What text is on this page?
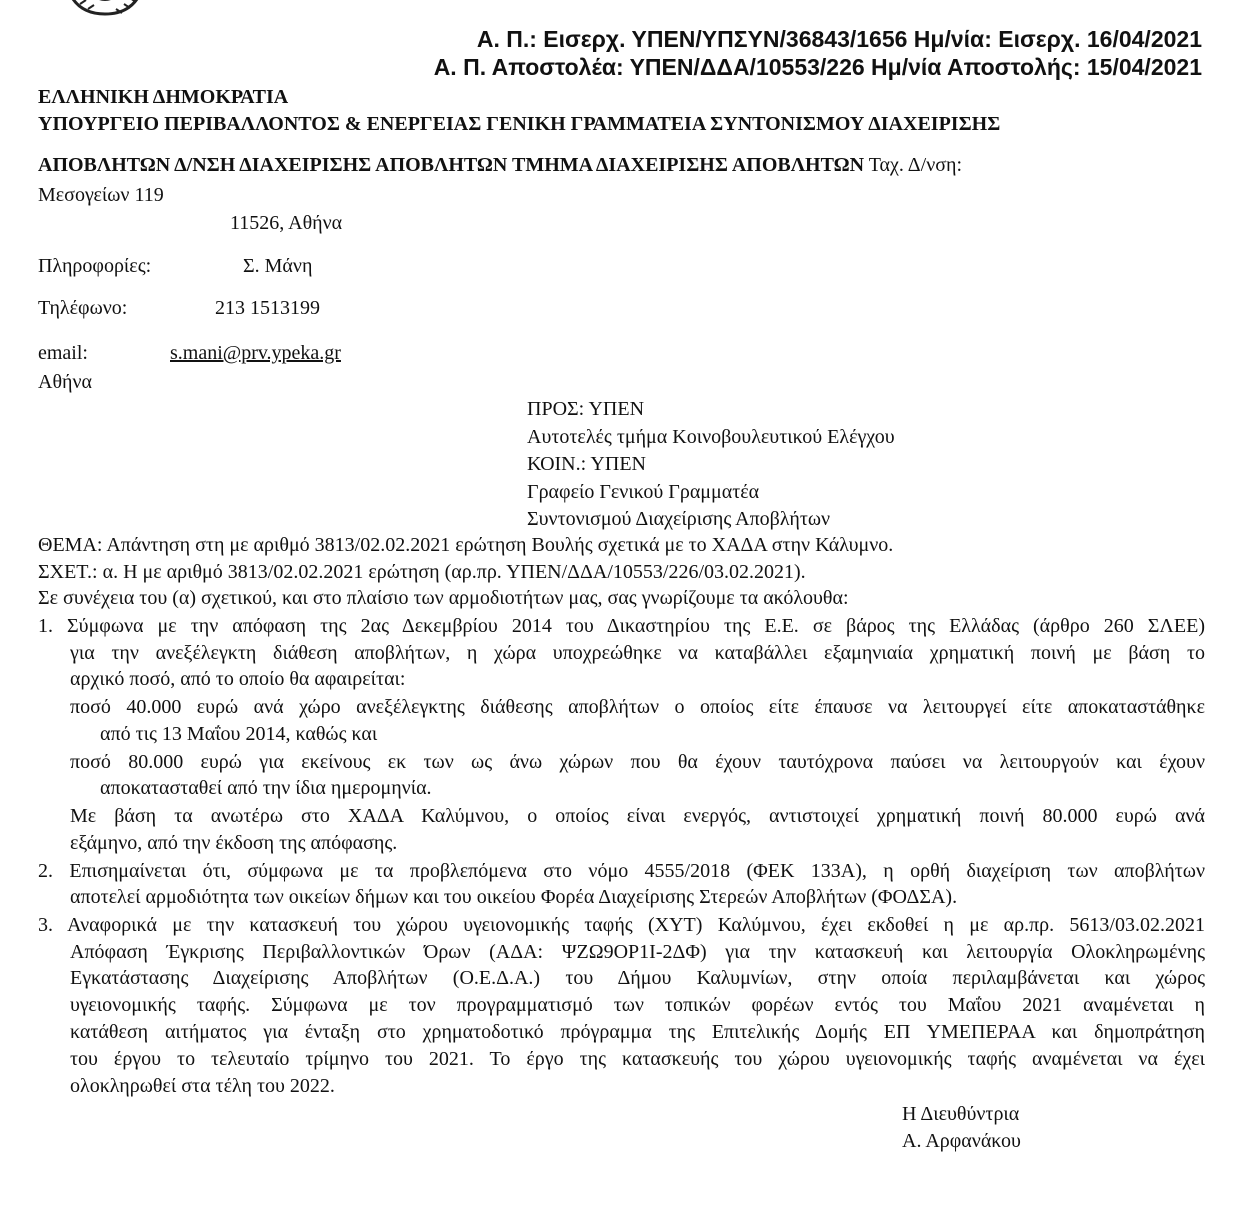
Α. Π.: Εισερχ. ΥΠΕΝ/ΥΠΣΥΝ/36843/1656 Ημ/νία: Εισερχ. 16/04/2021
Α. Π. Αποστολέα: ΥΠΕΝ/ΔΔΑ/10553/226 Ημ/νία Αποστολής: 15/04/2021
ΕΛΛΗΝΙΚΗ ΔΗΜΟΚΡΑΤΙΑ
ΥΠΟΥΡΓΕΙΟ ΠΕΡΙΒΑΛΛΟΝΤΟΣ & ΕΝΕΡΓΕΙΑΣ ΓΕΝΙΚΗ ΓΡΑΜΜΑΤΕΙΑ ΣΥΝΤΟΝΙΣΜΟΥ ΔΙΑΧΕΙΡΙΣΗΣ
ΑΠΟΒΛΗΤΩΝ Δ/ΝΣΗ ΔΙΑΧΕΙΡΙΣΗΣ ΑΠΟΒΛΗΤΩΝ ΤΜΗΜΑ ΔΙΑΧΕΙΡΙΣΗΣ ΑΠΟΒΛΗΤΩΝ Ταχ. Δ/νση:
Μεσογείων 119
11526, Αθήνα
Πληροφορίες:	Σ. Μάνη
Τηλέφωνο:	213 1513199
email:	s.mani@prv.ypeka.gr
Αθήνα
ΠΡΟΣ: ΥΠΕΝ
Αυτοτελές τμήμα Κοινοβουλευτικού Ελέγχου
ΚΟΙΝ.: ΥΠΕΝ
Γραφείο Γενικού Γραμματέα
Συντονισμού Διαχείρισης Αποβλήτων
ΘΕΜΑ: Απάντηση στη με αριθμό 3813/02.02.2021 ερώτηση Βουλής σχετικά με το ΧΑΔΑ στην Κάλυμνο.
ΣΧΕΤ.: α. Η με αριθμό 3813/02.02.2021 ερώτηση (αρ.πρ. ΥΠΕΝ/ΔΔΑ/10553/226/03.02.2021).
Σε συνέχεια του (α) σχετικού, και στο πλαίσιο των αρμοδιοτήτων μας, σας γνωρίζουμε τα ακόλουθα:
1. Σύμφωνα με την απόφαση της 2ας Δεκεμβρίου 2014 του Δικαστηρίου της Ε.Ε. σε βάρος της Ελλάδας (άρθρο 260 ΣΛΕΕ)
για την ανεξέλεγκτη διάθεση αποβλήτων, η χώρα υποχρεώθηκε να καταβάλλει εξαμηνιαία χρηματική ποινή με βάση το
αρχικό ποσό, από το οποίο θα αφαιρείται:
ποσό 40.000 ευρώ ανά χώρο ανεξέλεγκτης διάθεσης αποβλήτων ο οποίος είτε έπαυσε να λειτουργεί είτε αποκαταστάθηκε
από τις 13 Μαΐου 2014, καθώς και
ποσό 80.000 ευρώ για εκείνους εκ των ως άνω χώρων που θα έχουν ταυτόχρονα παύσει να λειτουργούν και έχουν
αποκατασταθεί από την ίδια ημερομηνία.
Με βάση τα ανωτέρω στο ΧΑΔΑ Καλύμνου, ο οποίος είναι ενεργός, αντιστοιχεί χρηματική ποινή 80.000 ευρώ ανά
εξάμηνο, από την έκδοση της απόφασης.
2. Επισημαίνεται ότι, σύμφωνα με τα προβλεπόμενα στο νόμο 4555/2018 (ΦΕΚ 133Α), η ορθή διαχείριση των αποβλήτων
αποτελεί αρμοδιότητα των οικείων δήμων και του οικείου Φορέα Διαχείρισης Στερεών Αποβλήτων (ΦΟΔΣΑ).
3. Αναφορικά με την κατασκευή του χώρου υγειονομικής ταφής (ΧΥΤ) Καλύμνου, έχει εκδοθεί η με αρ.πρ. 5613/03.02.2021
Απόφαση Έγκρισης Περιβαλλοντικών Όρων (ΑΔΑ: ΨΖΩ9ΟΡ1Ι-2ΔΦ) για την κατασκευή και λειτουργία Ολοκληρωμένης
Εγκατάστασης Διαχείρισης Αποβλήτων (Ο.Ε.Δ.Α.) του Δήμου Καλυμνίων, στην οποία περιλαμβάνεται και χώρος
υγειονομικής ταφής. Σύμφωνα με τον προγραμματισμό των τοπικών φορέων εντός του Μαΐου 2021 αναμένεται η
κατάθεση αιτήματος για ένταξη στο χρηματοδοτικό πρόγραμμα της Επιτελικής Δομής ΕΠ ΥΜΕΠΕΡΑΑ και δημοπράτηση
του έργου το τελευταίο τρίμηνο του 2021. Το έργο της κατασκευής του χώρου υγειονομικής ταφής αναμένεται να έχει
ολοκληρωθεί στα τέλη του 2022.
Η Διευθύντρια
Α. Αρφανάκου
